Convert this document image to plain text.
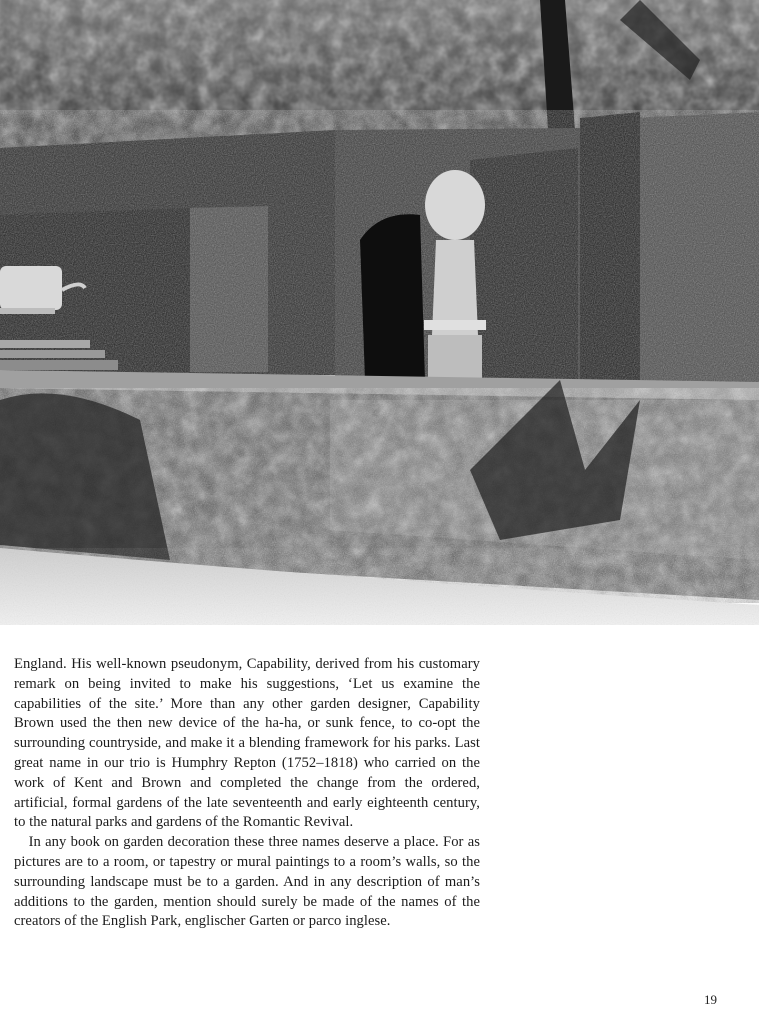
England. His well-known pseudonym, Capability, derived from his customary remark on being invited to make his suggestions, ‘Let us examine the capabilities of the site.’ More than any other garden designer, Capability Brown used the then new device of the ha-ha, or sunk fence, to co-opt the surrounding countryside, and make it a blending framework for his parks. Last great name in our trio is Humphry Repton (1752–1818) who carried on the work of Kent and Brown and completed the change from the ordered, artificial, formal gardens of the late seventeenth and early eighteenth century, to the natural parks and gardens of the Romantic Revival.

In any book on garden decoration these three names deserve a place. For as pictures are to a room, or tapestry or mural paintings to a room’s walls, so the surrounding landscape must be to a garden. And in any description of man’s additions to the garden, mention should surely be made of the names of the creators of the English Park, englischer Garten or parco inglese.

19
